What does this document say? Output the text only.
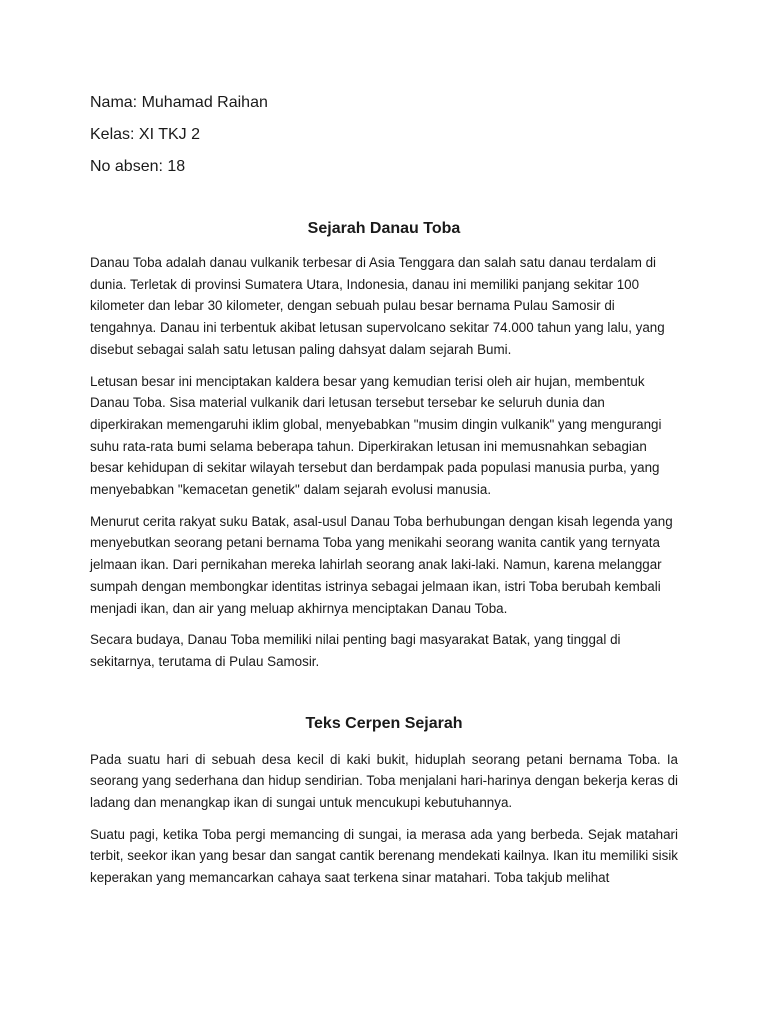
Nama: Muhamad Raihan

Kelas: XI TKJ 2

No absen: 18

Sejarah Danau Toba

Danau Toba adalah danau vulkanik terbesar di Asia Tenggara dan salah satu danau terdalam di dunia. Terletak di provinsi Sumatera Utara, Indonesia, danau ini memiliki panjang sekitar 100 kilometer dan lebar 30 kilometer, dengan sebuah pulau besar bernama Pulau Samosir di tengahnya. Danau ini terbentuk akibat letusan supervolcano sekitar 74.000 tahun yang lalu, yang disebut sebagai salah satu letusan paling dahsyat dalam sejarah Bumi.

Letusan besar ini menciptakan kaldera besar yang kemudian terisi oleh air hujan, membentuk Danau Toba. Sisa material vulkanik dari letusan tersebut tersebar ke seluruh dunia dan diperkirakan memengaruhi iklim global, menyebabkan "musim dingin vulkanik" yang mengurangi suhu rata-rata bumi selama beberapa tahun. Diperkirakan letusan ini memusnahkan sebagian besar kehidupan di sekitar wilayah tersebut dan berdampak pada populasi manusia purba, yang menyebabkan "kemacetan genetik" dalam sejarah evolusi manusia.

Menurut cerita rakyat suku Batak, asal-usul Danau Toba berhubungan dengan kisah legenda yang menyebutkan seorang petani bernama Toba yang menikahi seorang wanita cantik yang ternyata jelmaan ikan. Dari pernikahan mereka lahirlah seorang anak laki-laki. Namun, karena melanggar sumpah dengan membongkar identitas istrinya sebagai jelmaan ikan, istri Toba berubah kembali menjadi ikan, dan air yang meluap akhirnya menciptakan Danau Toba.

Secara budaya, Danau Toba memiliki nilai penting bagi masyarakat Batak, yang tinggal di sekitarnya, terutama di Pulau Samosir.

Teks Cerpen Sejarah

Pada suatu hari di sebuah desa kecil di kaki bukit, hiduplah seorang petani bernama Toba. Ia seorang yang sederhana dan hidup sendirian. Toba menjalani hari-harinya dengan bekerja keras di ladang dan menangkap ikan di sungai untuk mencukupi kebutuhannya.

Suatu pagi, ketika Toba pergi memancing di sungai, ia merasa ada yang berbeda. Sejak matahari terbit, seekor ikan yang besar dan sangat cantik berenang mendekati kailnya. Ikan itu memiliki sisik keperakan yang memancarkan cahaya saat terkena sinar matahari. Toba takjub melihat
